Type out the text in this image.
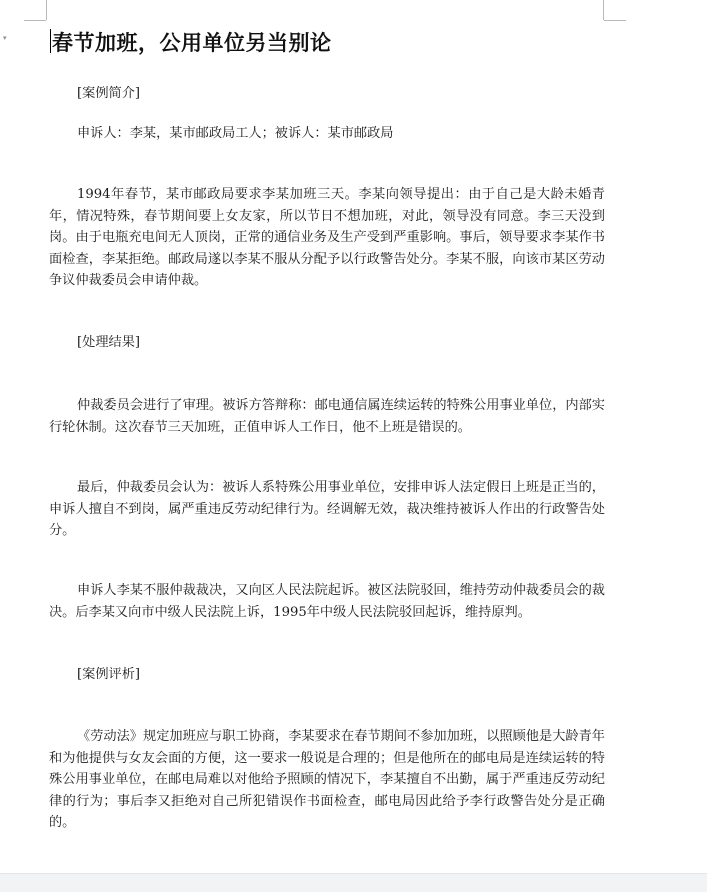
▾ 春节加班，公用单位另当别论

[案例简介]

申诉人：李某，某市邮政局工人；被诉人：某市邮政局

1994年春节，某市邮政局要求李某加班三天。李某向领导提出：由于自己是大龄未婚青年，情况特殊，春节期间要上女友家，所以节日不想加班，对此，领导没有同意。李三天没到岗。由于电瓶充电间无人顶岗，正常的通信业务及生产受到严重影响。事后，领导要求李某作书面检查，李某拒绝。邮政局遂以李某不服从分配予以行政警告处分。李某不服，向该市某区劳动争议仲裁委员会申请仲裁。

[处理结果]

仲裁委员会进行了审理。被诉方答辩称：邮电通信属连续运转的特殊公用事业单位，内部实行轮休制。这次春节三天加班，正值申诉人工作日，他不上班是错误的。

最后，仲裁委员会认为：被诉人系特殊公用事业单位，安排申诉人法定假日上班是正当的，申诉人擅自不到岗，属严重违反劳动纪律行为。经调解无效，裁决维持被诉人作出的行政警告处分。

申诉人李某不服仲裁裁决，又向区人民法院起诉。被区法院驳回，维持劳动仲裁委员会的裁决。后李某又向市中级人民法院上诉，1995年中级人民法院驳回起诉，维持原判。

[案例评析]

《劳动法》规定加班应与职工协商，李某要求在春节期间不参加加班，以照顾他是大龄青年和为他提供与女友会面的方便，这一要求一般说是合理的；但是他所在的邮电局是连续运转的特殊公用事业单位，在邮电局难以对他给予照顾的情况下，李某擅自不出勤，属于严重违反劳动纪律的行为；事后李又拒绝对自己所犯错误作书面检查，邮电局因此给予李行政警告处分是正确的。
